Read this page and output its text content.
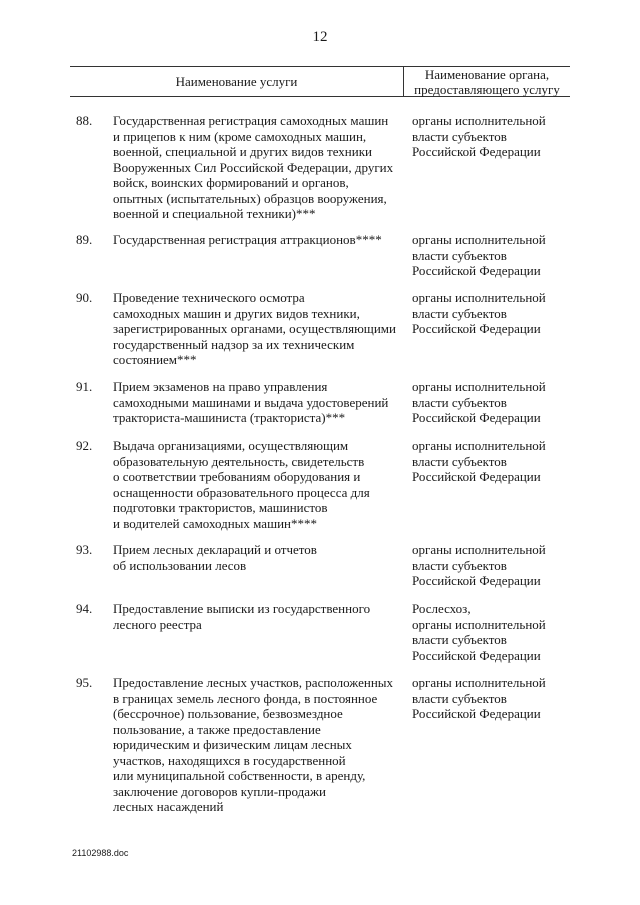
12
Наименование услуги	Наименование органа,
предоставляющего услугу
88. Государственная регистрация самоходных машин
и прицепов к ним (кроме самоходных машин,
военной, специальной и других видов техники
Вооруженных Сил Российской Федерации, других
войск, воинских формирований и органов,
опытных (испытательных) образцов вооружения,
военной и специальной техники)***
органы исполнительной
власти субъектов
Российской Федерации
89. Государственная регистрация аттракционов****	органы исполнительной
власти субъектов
Российской Федерации
90. Проведение технического осмотра
самоходных машин и других видов техники,
зарегистрированных органами, осуществляющими
государственный надзор за их техническим
состоянием***
органы исполнительной
власти субъектов
Российской Федерации
91. Прием экзаменов на право управления
самоходными машинами и выдача удостоверений
тракториста-машиниста (тракториста)***
органы исполнительной
власти субъектов
Российской Федерации
92. Выдача организациями, осуществляющим
образовательную деятельность, свидетельств
о соответствии требованиям оборудования и
оснащенности образовательного процесса для
подготовки трактористов, машинистов
и водителей самоходных машин****
органы исполнительной
власти субъектов
Российской Федерации
93. Прием лесных деклараций и отчетов
об использовании лесов
органы исполнительной
власти субъектов
Российской Федерации
94. Предоставление выписки из государственного
лесного реестра
Рослесхоз,
органы исполнительной
власти субъектов
Российской Федерации
95. Предоставление лесных участков, расположенных
в границах земель лесного фонда, в постоянное
(бессрочное) пользование, безвозмездное
пользование, а также предоставление
юридическим и физическим лицам лесных
участков, находящихся в государственной
или муниципальной собственности, в аренду,
заключение договоров купли-продажи
лесных насаждений
органы исполнительной
власти субъектов
Российской Федерации
21102988.doc
